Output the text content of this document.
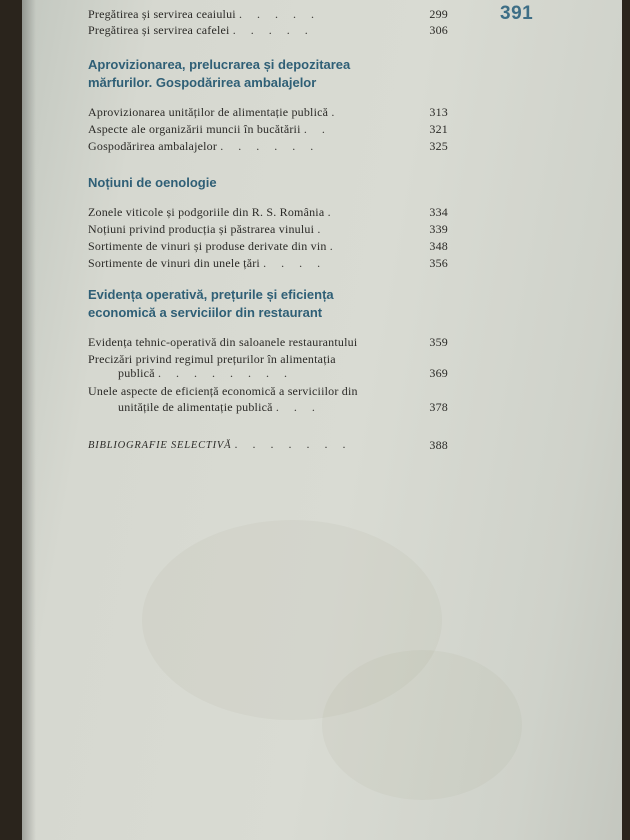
391
Pregătirea și servirea ceaiului . . . . .	299
Pregătirea și servirea cafelei . . . . .	306
Aprovizionarea, prelucrarea și depozitarea
mărfurilor. Gospodărirea ambalajelor
Aprovizionarea unităților de alimentație publică .	313
Aspecte ale organizării muncii în bucătării . .	321
Gospodărirea ambalajelor . . . . . .	325
Noțiuni de oenologie
Zonele viticole și podgoriile din R. S. România .	334
Noțiuni privind producția și păstrarea vinului .	339
Sortimente de vinuri și produse derivate din vin .	348
Sortimente de vinuri din unele țări . . . .	356
Evidența operativă, prețurile și eficiența
economică a serviciilor din restaurant
Evidența tehnic-operativă din saloanele restaurantului	359
Precizări privind regimul prețurilor în alimentația
publică . . . . . . . .	369
Unele aspecte de eficiență economică a serviciilor din
unitățile de alimentație publică . . .	378
BIBLIOGRAFIE SELECTIVĂ . . . . . . .	388
